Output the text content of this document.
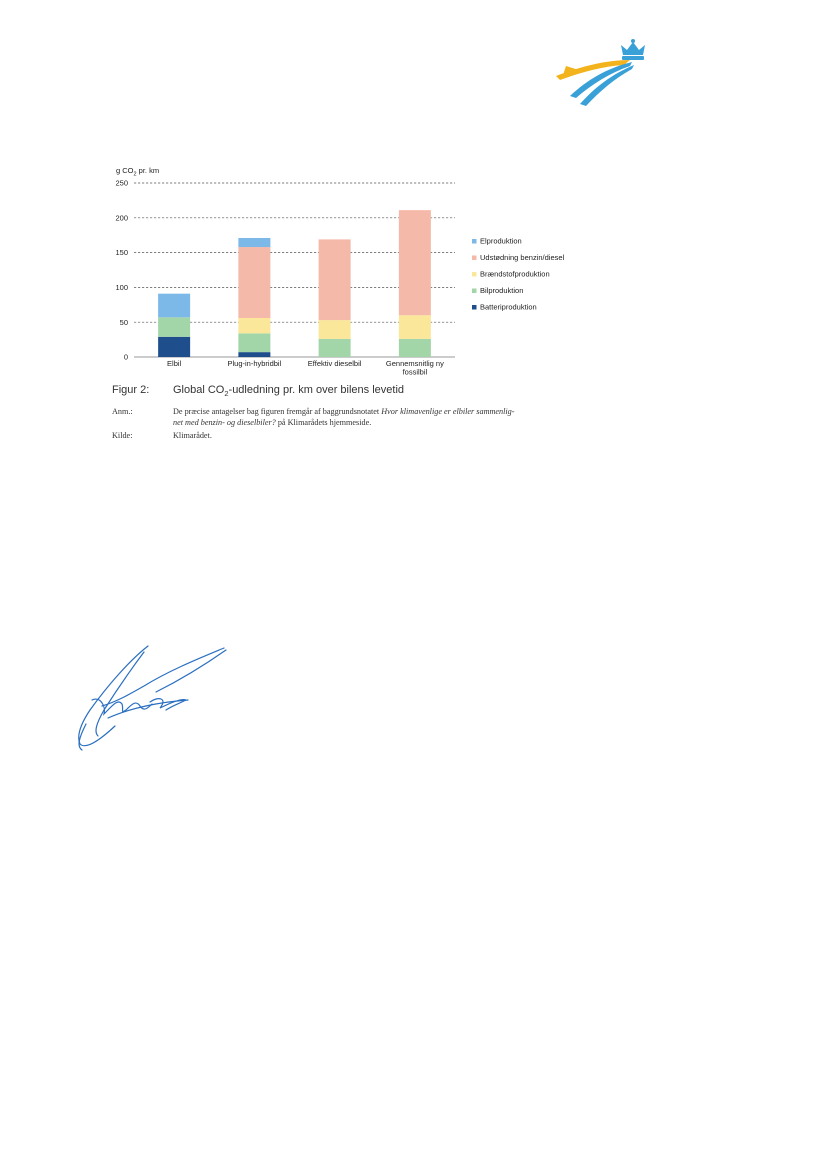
g $CO_2$ pr. km
0
50
100
150
200
250
Elbil	Plug-in-hybridbil	Effektiv dieselbil	Gennemsnitlig ny
fossilbil
Elproduktion
Udstødning benzin/diesel
Brændstofproduktion
Bilproduktion
Batteriproduktion
Figur 2: Global $CO_2$-udledning pr. km over bilens levetid
Anm.:	De præcise antagelser bag figuren fremgår af baggrundsnotatet Hvor klimavenlige er elbiler sammenlig-
net med benzin- og dieselbiler? på Klimarådets hjemmeside.
Kilde:	Klimarådet.
